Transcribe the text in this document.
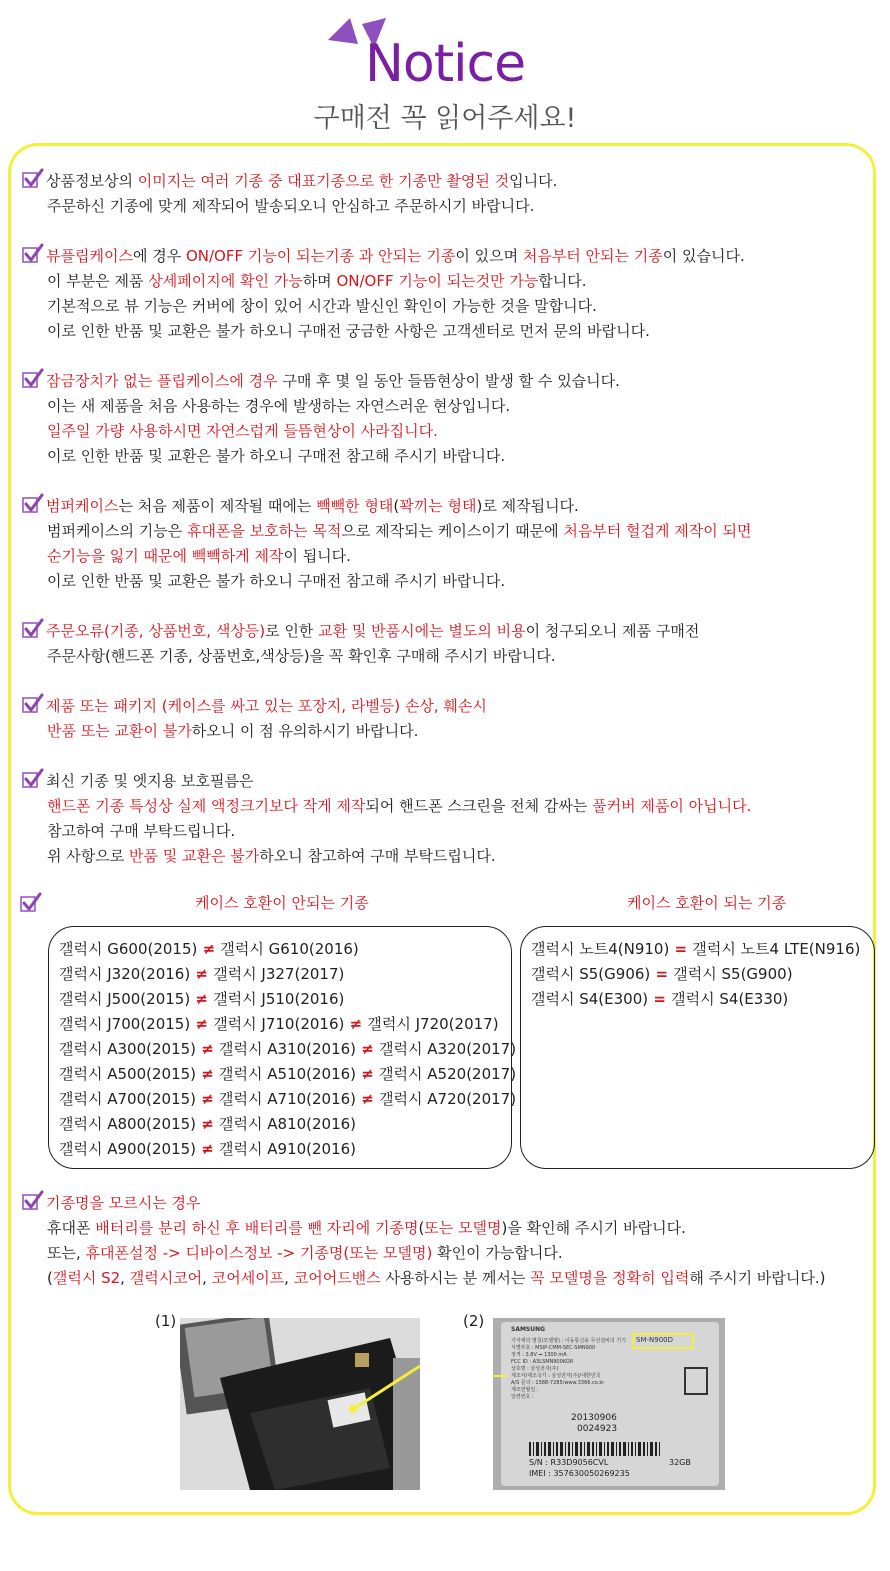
Notice
구매전 꼭 읽어주세요!
상품정보상의 이미지는 여러 기종 중 대표기종으로 한 기종만 촬영된 것입니다.
주문하신 기종에 맞게 제작되어 발송되오니 안심하고 주문하시기 바랍니다.
뷰플립케이스에 경우 ON/OFF 기능이 되는기종 과 안되는 기종이 있으며 처음부터 안되는 기종이 있습니다.
이 부분은 제품 상세페이지에 확인 가능하며 ON/OFF 기능이 되는것만 가능합니다.
기본적으로 뷰 기능은 커버에 창이 있어 시간과 발신인 확인이 가능한 것을 말합니다.
이로 인한 반품 및 교환은 불가 하오니 구매전 궁금한 사항은 고객센터로 먼저 문의 바랍니다.
잠금장치가 없는 플립케이스에 경우 구매 후 몇 일 동안 들뜸현상이 발생 할 수 있습니다.
이는 새 제품을 처음 사용하는 경우에 발생하는 자연스러운 현상입니다.
일주일 가량 사용하시면 자연스럽게 들뜸현상이 사라집니다.
이로 인한 반품 및 교환은 불가 하오니 구매전 참고해 주시기 바랍니다.
범퍼케이스는 처음 제품이 제작될 때에는 빽빽한 형태(꽉끼는 형태)로 제작됩니다.
범퍼케이스의 기능은 휴대폰을 보호하는 목적으로 제작되는 케이스이기 때문에 처음부터 헐겁게 제작이 되면
순기능을 잃기 때문에 빽빽하게 제작이 됩니다.
이로 인한 반품 및 교환은 불가 하오니 구매전 참고해 주시기 바랍니다.
주문오류(기종, 상품번호, 색상등)로 인한 교환 및 반품시에는 별도의 비용이 청구되오니 제품 구매전
주문사항(핸드폰 기종, 상품번호,색상등)을 꼭 확인후 구매해 주시기 바랍니다.
제품 또는 패키지 (케이스를 싸고 있는 포장지, 라벨등) 손상, 훼손시
반품 또는 교환이 불가하오니 이 점 유의하시기 바랍니다.
최신 기종 및 엣지용 보호필름은
핸드폰 기종 특성상 실제 액정크기보다 작게 제작되어 핸드폰 스크린을 전체 감싸는 풀커버 제품이 아닙니다.
참고하여 구매 부탁드립니다.
위 사항으로 반품 및 교환은 불가하오니 참고하여 구매 부탁드립니다.
케이스 호환이 안되는 기종	케이스 호환이 되는 기종
갤럭시 G600(2015) ≠ 갤럭시 G610(2016)
갤럭시 J320(2016) ≠ 갤럭시 J327(2017)
갤럭시 J500(2015) ≠ 갤럭시 J510(2016)
갤럭시 J700(2015) ≠ 갤럭시 J710(2016) ≠ 갤럭시 J720(2017)
갤럭시 A300(2015) ≠ 갤럭시 A310(2016) ≠ 갤럭시 A320(2017)
갤럭시 A500(2015) ≠ 갤럭시 A510(2016) ≠ 갤럭시 A520(2017)
갤럭시 A700(2015) ≠ 갤럭시 A710(2016) ≠ 갤럭시 A720(2017)
갤럭시 A800(2015) ≠ 갤럭시 A810(2016)
갤럭시 A900(2015) ≠ 갤럭시 A910(2016)
갤럭시 노트4(N910) = 갤럭시 노트4 LTE(N916)
갤럭시 S5(G906) = 갤럭시 S5(G900)
갤럭시 S4(E300) = 갤럭시 S4(E330)
기종명을 모르시는 경우
휴대폰 배터리를 분리 하신 후 배터리를 뺀 자리에 기종명(또는 모델명)을 확인해 주시기 바랍니다.
또는, 휴대폰설정 -> 디바이스정보 -> 기종명(또는 모델명) 확인이 가능합니다.
(갤럭시 S2, 갤럭시코어, 코어세이프, 코어어드밴스 사용하시는 분 께서는 꼭 모델명을 정확히 입력해 주시기 바랍니다.)
(1)	(2)	SAMSUNG
SM-N900D
기자재의 명칭(모델명) : 이동통신용 무선설비의 기기
식별부호 : MSIP-CMM-SEC-SMN900
정격 : 3.8V ⎓ 1300 mA
FCC ID : A3LSMN900KOR
상호명 : 삼성전자(주)
제조자/제조국가 : 삼성전자(주)/대한민국
A/S 문의 : 1588-7285/www.3366.co.kr
제조연월일 :
일련번호 :
20130906
0024923
S/N : R33D9056CVL	32GB
IMEI : 357630050269235
